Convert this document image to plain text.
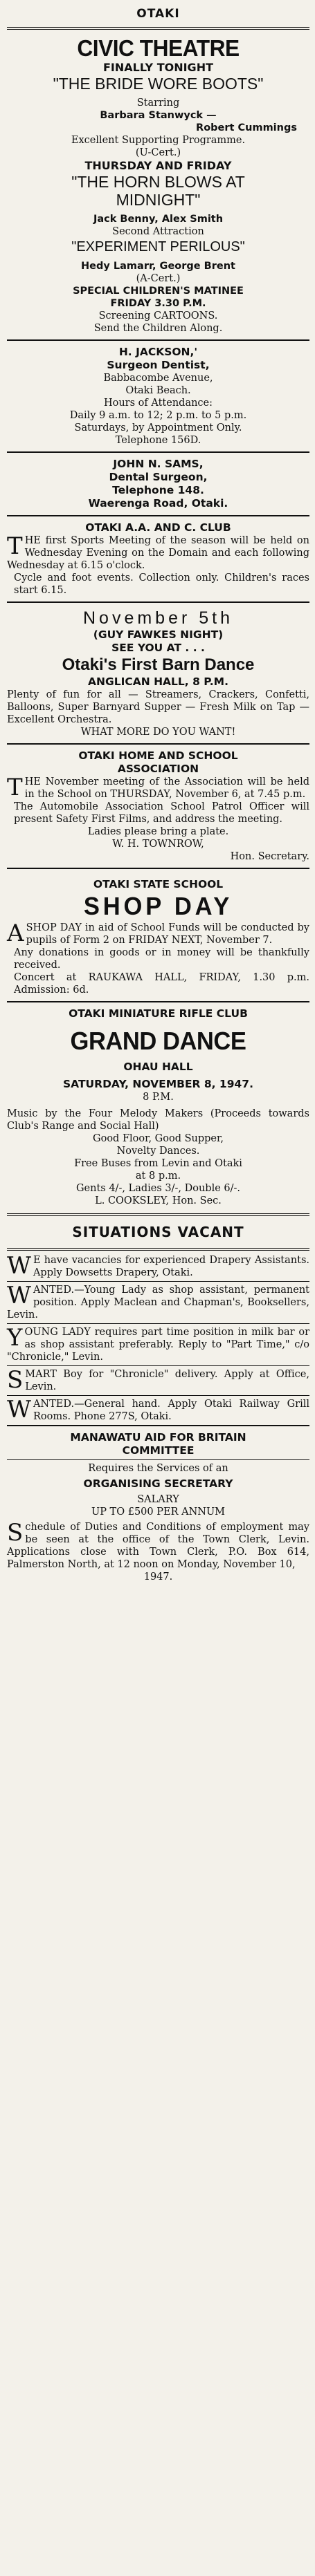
OTAKI
CIVIC THEATRE
FINALLY TONIGHT
"THE BRIDE WORE BOOTS"

Starring

Barbara Stanwyck —

Robert Cummings

Excellent Supporting Programme.

(U-Cert.)

THURSDAY AND FRIDAY
"THE HORN BLOWS AT
MIDNIGHT"

Jack Benny, Alex Smith

Second Attraction

"EXPERIMENT PERILOUS"

Hedy Lamarr, George Brent

(A-Cert.)

SPECIAL CHILDREN'S MATINEE

FRIDAY 3.30 P.M.

Screening CARTOONS.

Send the Children Along.

H. JACKSON,'

Surgeon Dentist,

Babbacombe Avenue,

Otaki Beach.

Hours of Attendance:

Daily 9 a.m. to 12; 2 p.m. to 5 p.m.

Saturdays, by Appointment Only.

Telephone 156D.

JOHN N. SAMS,

Dental Surgeon,

Telephone 148.

Waerenga Road, Otaki.

OTAKI A.A. AND C. CLUB

THE first Sports Meeting of the season will be held on Wednesday Evening on the Domain and each following Wednesday at 6.15 o'clock.

Cycle and foot events. Collection only. Children's races start 6.15.

November 5th

(GUY FAWKES NIGHT)

SEE YOU AT . . .

Otaki's First Barn Dance

ANGLICAN HALL, 8 P.M.

Plenty of fun for all — Streamers, Crackers, Confetti, Balloons, Super Barnyard Supper — Fresh Milk on Tap — Excellent Orchestra.

WHAT MORE DO YOU WANT!

OTAKI HOME AND SCHOOL

ASSOCIATION

THE November meeting of the Association will be held in the School on THURSDAY, November 6, at 7.45 p.m.

The Automobile Association School Patrol Officer will present Safety First Films, and address the meeting.

Ladies please bring a plate.

W. H. TOWNROW,

Hon. Secretary.

OTAKI STATE SCHOOL

SHOP DAY

ASHOP DAY in aid of School Funds will be conducted by pupils of Form 2 on FRIDAY NEXT, November 7.

Any donations in goods or in money will be thankfully received.

Concert at RAUKAWA HALL, FRIDAY, 1.30 p.m. Admission: 6d.

OTAKI MINIATURE RIFLE CLUB

GRAND DANCE

OHAU HALL

SATURDAY, NOVEMBER 8, 1947.

8 P.M.

Music by the Four Melody Makers (Proceeds towards Club's Range and Social Hall)

Good Floor, Good Supper,

Novelty Dances.

Free Buses from Levin and Otaki

at 8 p.m.

Gents 4/-, Ladies 3/-, Double 6/-.

L. COOKSLEY, Hon. Sec.

SITUATIONS VACANT

W E have vacancies for experienced Drapery Assistants. Apply Dowsetts Drapery, Otaki.

WANTED.—Young Lady as shop assistant, permanent position. Apply Maclean and Chapman's, Booksellers, Levin.

YOUNG LADY requires part time position in milk bar or as shop assistant preferably. Reply to "Part Time," c/o "Chronicle," Levin.

SMART Boy for "Chronicle" delivery. Apply at Office, Levin.

WANTED.—General hand. Apply Otaki Railway Grill Rooms. Phone 277S, Otaki.

MANAWATU AID FOR BRITAIN

COMMITTEE

Requires the Services of an

ORGANISING SECRETARY

SALARY

UP TO £500 PER ANNUM

Schedule of Duties and Conditions of employment may be seen at the office of the Town Clerk, Levin. Applications close with Town Clerk, P.O. Box 614, Palmerston North, at 12 noon on Monday, November 10,

1947.
